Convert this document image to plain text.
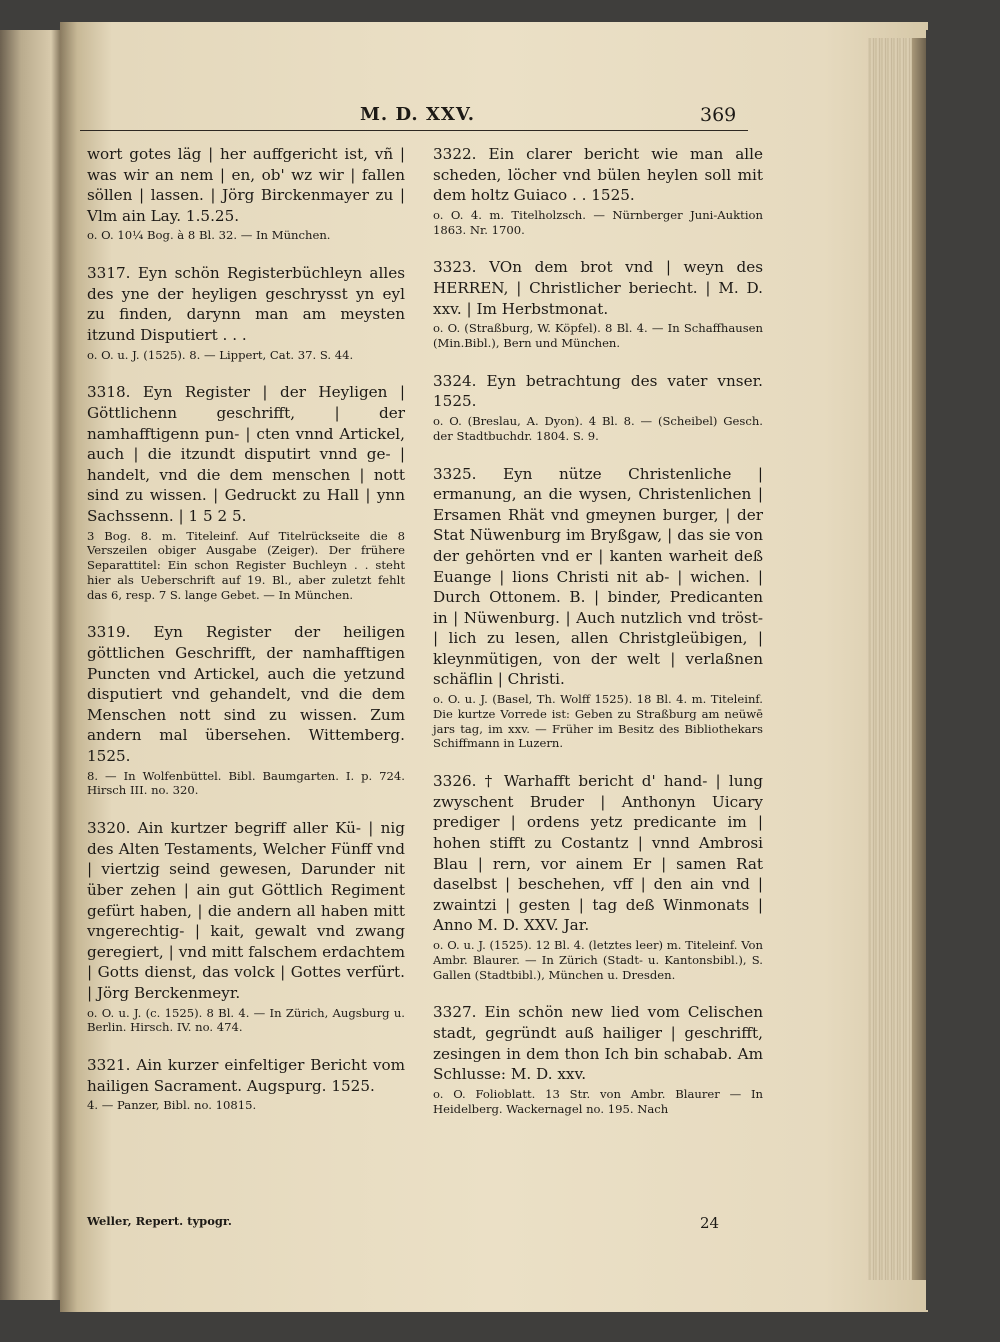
M. D. XXV.	369
wort gotes läg | her auffgericht ist, vñ | was wir an nem | en, ob' wz wir | fallen söllen | lassen. | Jörg Birckenmayer zu | Vlm ain Lay. 1.5.25.
o. O. 10¼ Bog. à 8 Bl. 32. — In München.
3317. Eyn schön Registerbüchleyn alles des yne der heyligen geschrysst yn eyl zu finden, darynn man am meysten itzund Disputiert . . .
o. O. u. J. (1525). 8. — Lippert, Cat. 37. S. 44.
3318. Eyn Register | der Heyligen | Göttlichenn geschrifft, | der namhafftigenn pun- | cten vnnd Artickel, auch | die itzundt disputirt vnnd ge- | handelt, vnd die dem menschen | nott sind zu wissen. | Gedruckt zu Hall | ynn Sachssenn. | 1 5 2 5.
3 Bog. 8. m. Titeleinf. Auf Titelrückseite die 8 Verszeilen obiger Ausgabe (Zeiger). Der frühere Separattitel: Ein schon Register Buchleyn . . steht hier als Ueberschrift auf 19. Bl., aber zuletzt fehlt das 6, resp. 7 S. lange Gebet. — In München.
3319. Eyn Register der heiligen göttlichen Geschrifft, der namhafftigen Puncten vnd Artickel, auch die yetzund disputiert vnd gehandelt, vnd die dem Menschen nott sind zu wissen. Zum andern mal übersehen. Wittemberg. 1525.
8. — In Wolfenbüttel. Bibl. Baumgarten. I. p. 724. Hirsch III. no. 320.
3320. Ain kurtzer begriff aller Kü- | nig des Alten Testaments, Welcher Fünff vnd | viertzig seind gewesen, Darunder nit über zehen | ain gut Göttlich Regiment gefürt haben, | die andern all haben mitt vngerechtig- | kait, gewalt vnd zwang geregiert, | vnd mitt falschem erdachtem | Gotts dienst, das volck | Gottes verfürt. | Jörg Berckenmeyr.
o. O. u. J. (c. 1525). 8 Bl. 4. — In Zürich, Augsburg u. Berlin. Hirsch. IV. no. 474.
3321. Ain kurzer einfeltiger Bericht vom hailigen Sacrament. Augspurg. 1525.
4. — Panzer, Bibl. no. 10815.
3322. Ein clarer bericht wie man alle scheden, löcher vnd bülen heylen soll mit dem holtz Guiaco . . 1525.
o. O. 4. m. Titelholzsch. — Nürnberger Juni-Auktion 1863. Nr. 1700.
3323. VOn dem brot vnd | weyn des HERREN, | Christlicher beriecht. | M. D. xxv. | Im Herbstmonat.
o. O. (Straßburg, W. Köpfel). 8 Bl. 4. — In Schaffhausen (Min.Bibl.), Bern und München.
3324. Eyn betrachtung des vater vnser. 1525.
o. O. (Breslau, A. Dyon). 4 Bl. 8. — (Scheibel) Gesch. der Stadtbuchdr. 1804. S. 9.
3325. Eyn nütze Christenliche | ermanung, an die wysen, Christenlichen | Ersamen Rhät vnd gmeynen burger, | der Stat Nüwenburg im Bryßgaw, | das sie von der gehörten vnd er | kanten warheit deß Euange | lions Christi nit ab- | wichen. | Durch Ottonem. B. | binder, Predicanten in | Nüwenburg. | Auch nutzlich vnd tröst- | lich zu lesen, allen Christgleübigen, | kleynmütigen, von der welt | verlaßnen schäflin | Christi.
o. O. u. J. (Basel, Th. Wolff 1525). 18 Bl. 4. m. Titeleinf. Die kurtze Vorrede ist: Geben zu Straßburg am neüwē jars tag, im xxv. — Früher im Besitz des Bibliothekars Schiffmann in Luzern.
3326. † Warhafft bericht d' hand- | lung zwyschent Bruder | Anthonyn Uicary prediger | ordens yetz predicante im | hohen stifft zu Costantz | vnnd Ambrosi Blau | rern, vor ainem Er | samen Rat daselbst | beschehen, vff | den ain vnd | zwaintzi | gesten | tag deß Winmonats | Anno M. D. XXV. Jar.
o. O. u. J. (1525). 12 Bl. 4. (letztes leer) m. Titeleinf. Von Ambr. Blaurer. — In Zürich (Stadt- u. Kantonsbibl.), S. Gallen (Stadtbibl.), München u. Dresden.
3327. Ein schön new lied vom Celischen stadt, gegründt auß hailiger | geschrifft, zesingen in dem thon Ich bin schabab. Am Schlusse: M. D. xxv.
o. O. Folioblatt. 13 Str. von Ambr. Blaurer — In Heidelberg. Wackernagel no. 195. Nach
Weller, Repert. typogr.	24
